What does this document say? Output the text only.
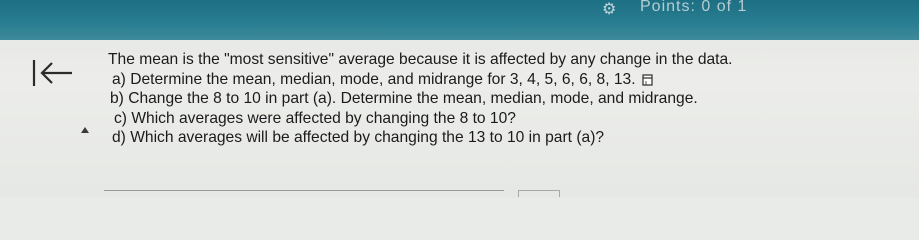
⚙	Points: 0 of 1
The mean is the "most sensitive" average because it is affected by any change in the data.
a) Determine the mean, median, mode, and midrange for 3, 4, 5, 6, 6, 8, 13.
b) Change the 8 to 10 in part (a). Determine the mean, median, mode, and midrange.
c) Which averages were affected by changing the 8 to 10?
d) Which averages will be affected by changing the 13 to 10 in part (a)?
